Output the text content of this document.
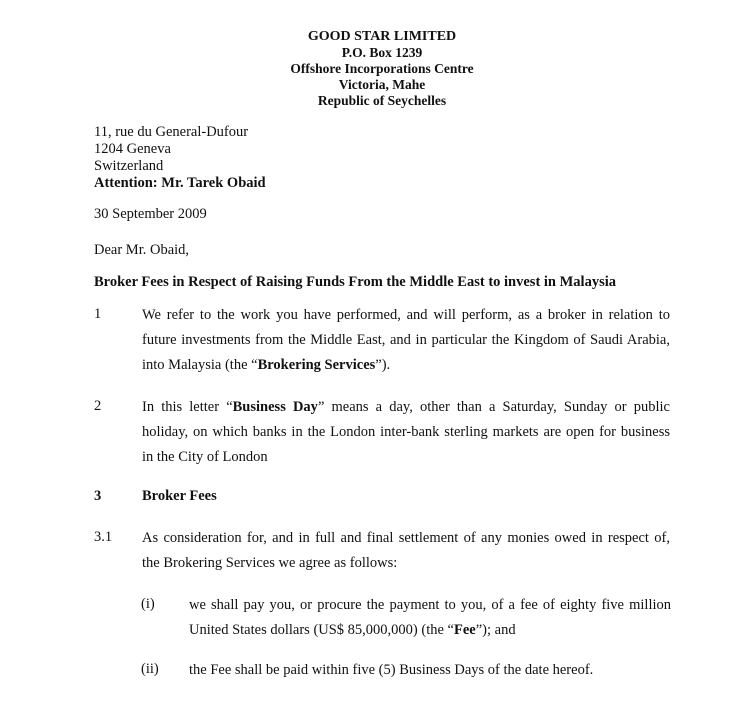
GOOD STAR LIMITED
P.O. Box 1239
Offshore Incorporations Centre
Victoria, Mahe
Republic of Seychelles
11, rue du General-Dufour
1204 Geneva
Switzerland
Attention: Mr. Tarek Obaid
30 September 2009
Dear Mr. Obaid,
Broker Fees in Respect of Raising Funds From the Middle East to invest in Malaysia
1	We refer to the work you have performed, and will perform, as a broker in relation to
future investments from the Middle East, and in particular the Kingdom of Saudi Arabia,
into Malaysia (the “Brokering Services”).
2	In this letter “Business Day” means a day, other than a Saturday, Sunday or public
holiday, on which banks in the London inter-bank sterling markets are open for business
in the City of London
3	Broker Fees
3.1 As consideration for, and in full and final settlement of any monies owed in respect of,
the Brokering Services we agree as follows:
(i) we shall pay you, or procure the payment to you, of a fee of eighty five million
United States dollars (US$ 85,000,000) (the “Fee”); and
(ii) the Fee shall be paid within five (5) Business Days of the date hereof.
